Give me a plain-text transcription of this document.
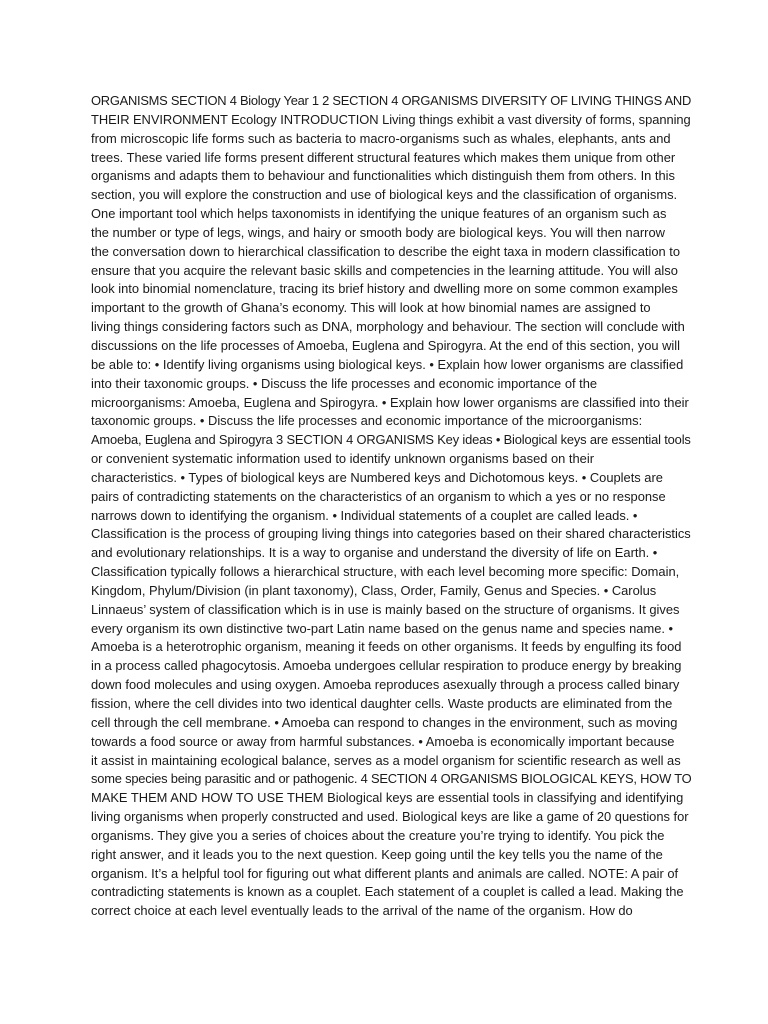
ORGANISMS SECTION 4 Biology Year 1 2 SECTION 4 ORGANISMS DIVERSITY OF LIVING THINGS AND
THEIR ENVIRONMENT Ecology INTRODUCTION Living things exhibit a vast diversity of forms, spanning
from microscopic life forms such as bacteria to macro-organisms such as whales, elephants, ants and
trees. These varied life forms present different structural features which makes them unique from other
organisms and adapts them to behaviour and functionalities which distinguish them from others. In this
section, you will explore the construction and use of biological keys and the classification of organisms.
One important tool which helps taxonomists in identifying the unique features of an organism such as
the number or type of legs, wings, and hairy or smooth body are biological keys. You will then narrow
the conversation down to hierarchical classification to describe the eight taxa in modern classification to
ensure that you acquire the relevant basic skills and competencies in the learning attitude. You will also
look into binomial nomenclature, tracing its brief history and dwelling more on some common examples
important to the growth of Ghana’s economy. This will look at how binomial names are assigned to
living things considering factors such as DNA, morphology and behaviour. The section will conclude with
discussions on the life processes of Amoeba, Euglena and Spirogyra. At the end of this section, you will
be able to: • Identify living organisms using biological keys. • Explain how lower organisms are classified
into their taxonomic groups. • Discuss the life processes and economic importance of the
microorganisms: Amoeba, Euglena and Spirogyra. • Explain how lower organisms are classified into their
taxonomic groups. • Discuss the life processes and economic importance of the microorganisms:
Amoeba, Euglena and Spirogyra 3 SECTION 4 ORGANISMS Key ideas • Biological keys are essential tools
or convenient systematic information used to identify unknown organisms based on their
characteristics. • Types of biological keys are Numbered keys and Dichotomous keys. • Couplets are
pairs of contradicting statements on the characteristics of an organism to which a yes or no response
narrows down to identifying the organism. • Individual statements of a couplet are called leads. •
Classification is the process of grouping living things into categories based on their shared characteristics
and evolutionary relationships. It is a way to organise and understand the diversity of life on Earth. •
Classification typically follows a hierarchical structure, with each level becoming more specific: Domain,
Kingdom, Phylum/Division (in plant taxonomy), Class, Order, Family, Genus and Species. • Carolus
Linnaeus’ system of classification which is in use is mainly based on the structure of organisms. It gives
every organism its own distinctive two-part Latin name based on the genus name and species name. •
Amoeba is a heterotrophic organism, meaning it feeds on other organisms. It feeds by engulfing its food
in a process called phagocytosis. Amoeba undergoes cellular respiration to produce energy by breaking
down food molecules and using oxygen. Amoeba reproduces asexually through a process called binary
fission, where the cell divides into two identical daughter cells. Waste products are eliminated from the
cell through the cell membrane. • Amoeba can respond to changes in the environment, such as moving
towards a food source or away from harmful substances. • Amoeba is economically important because
it assist in maintaining ecological balance, serves as a model organism for scientific research as well as
some species being parasitic and or pathogenic. 4 SECTION 4 ORGANISMS BIOLOGICAL KEYS, HOW TO
MAKE THEM AND HOW TO USE THEM Biological keys are essential tools in classifying and identifying
living organisms when properly constructed and used. Biological keys are like a game of 20 questions for
organisms. They give you a series of choices about the creature you’re trying to identify. You pick the
right answer, and it leads you to the next question. Keep going until the key tells you the name of the
organism. It’s a helpful tool for figuring out what different plants and animals are called. NOTE: A pair of
contradicting statements is known as a couplet. Each statement of a couplet is called a lead. Making the
correct choice at each level eventually leads to the arrival of the name of the organism. How do
